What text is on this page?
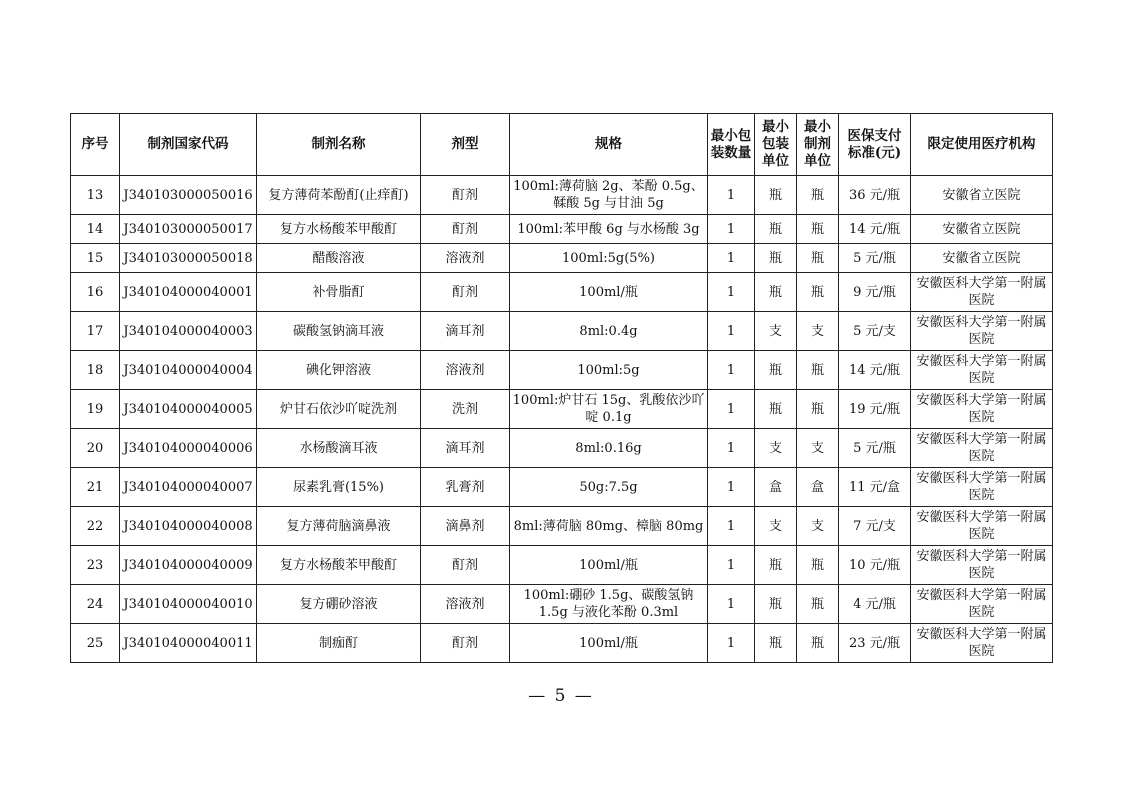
序号	制剂国家代码	制剂名称	剂型	规格	最小包装数量	最小包装单位	最小制剂单位	医保支付标准(元)	限定使用医疗机构
13	J340103000050016	复方薄荷苯酚酊(止痒酊)	酊剂	100ml:薄荷脑 2g、苯酚 0.5g、鞣酸 5g 与甘油 5g	1	瓶	瓶	36 元/瓶	安徽省立医院
14	J340103000050017	复方水杨酸苯甲酸酊	酊剂	100ml:苯甲酸 6g 与水杨酸 3g	1	瓶	瓶	14 元/瓶	安徽省立医院
15	J340103000050018	醋酸溶液	溶液剂	100ml:5g(5%)	1	瓶	瓶	5 元/瓶	安徽省立医院
16	J340104000040001	补骨脂酊	酊剂	100ml/瓶	1	瓶	瓶	9 元/瓶	安徽医科大学第一附属医院
17	J340104000040003	碳酸氢钠滴耳液	滴耳剂	8ml:0.4g	1	支	支	5 元/支	安徽医科大学第一附属医院
18	J340104000040004	碘化钾溶液	溶液剂	100ml:5g	1	瓶	瓶	14 元/瓶	安徽医科大学第一附属医院
19	J340104000040005	炉甘石依沙吖啶洗剂	洗剂	100ml:炉甘石 15g、乳酸依沙吖啶 0.1g	1	瓶	瓶	19 元/瓶	安徽医科大学第一附属医院
20	J340104000040006	水杨酸滴耳液	滴耳剂	8ml:0.16g	1	支	支	5 元/瓶	安徽医科大学第一附属医院
21	J340104000040007	尿素乳膏(15%)	乳膏剂	50g:7.5g	1	盒	盒	11 元/盒	安徽医科大学第一附属医院
22	J340104000040008	复方薄荷脑滴鼻液	滴鼻剂	8ml:薄荷脑 80mg、樟脑 80mg	1	支	支	7 元/支	安徽医科大学第一附属医院
23	J340104000040009	复方水杨酸苯甲酸酊	酊剂	100ml/瓶	1	瓶	瓶	10 元/瓶	安徽医科大学第一附属医院
24	J340104000040010	复方硼砂溶液	溶液剂	100ml:硼砂 1.5g、碳酸氢钠 1.5g 与液化苯酚 0.3ml	1	瓶	瓶	4 元/瓶	安徽医科大学第一附属医院
25	J340104000040011	制痂酊	酊剂	100ml/瓶	1	瓶	瓶	23 元/瓶	安徽医科大学第一附属医院
— 5 —
